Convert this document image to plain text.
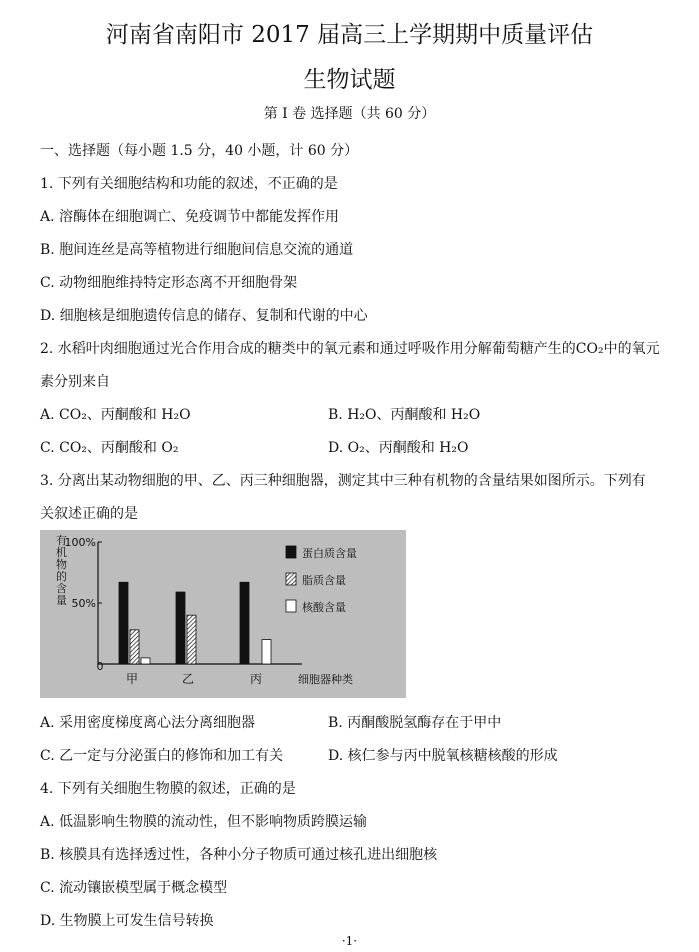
河南省南阳市 2017 届高三上学期期中质量评估
生物试题
第 I 卷 选择题（共 60 分）
一、选择题（每小题 1.5 分，40 小题，计 60 分）
1. 下列有关细胞结构和功能的叙述，不正确的是
A. 溶酶体在细胞调亡、免疫调节中都能发挥作用
B. 胞间连丝是高等植物进行细胞间信息交流的通道
C. 动物细胞维持特定形态离不开细胞骨架
D. 细胞核是细胞遗传信息的储存、复制和代谢的中心
2. 水稻叶肉细胞通过光合作用合成的糖类中的氧元素和通过呼吸作用分解葡萄糖产生的CO₂中的氧元
素分别来自
A. CO₂、丙酮酸和 H₂O	B. H₂O、丙酮酸和 H₂O
C. CO₂、丙酮酸和 O₂	D. O₂、丙酮酸和 H₂O
3. 分离出某动物细胞的甲、乙、丙三种细胞器，测定其中三种有机物的含量结果如图所示。下列有
关叙述正确的是
有机物的含量
0
50%
100%
甲	乙	丙	细胞器种类
蛋白质含量
脂质含量
核酸含量
A. 采用密度梯度离心法分离细胞器	B. 丙酮酸脱氢酶存在于甲中
C. 乙一定与分泌蛋白的修饰和加工有关	D. 核仁参与丙中脱氧核糖核酸的形成
4. 下列有关细胞生物膜的叙述，正确的是
A. 低温影响生物膜的流动性，但不影响物质跨膜运输
B. 核膜具有选择透过性，各种小分子物质可通过核孔进出细胞核
C. 流动镶嵌模型属于概念模型
D. 生物膜上可发生信号转换
·1·
